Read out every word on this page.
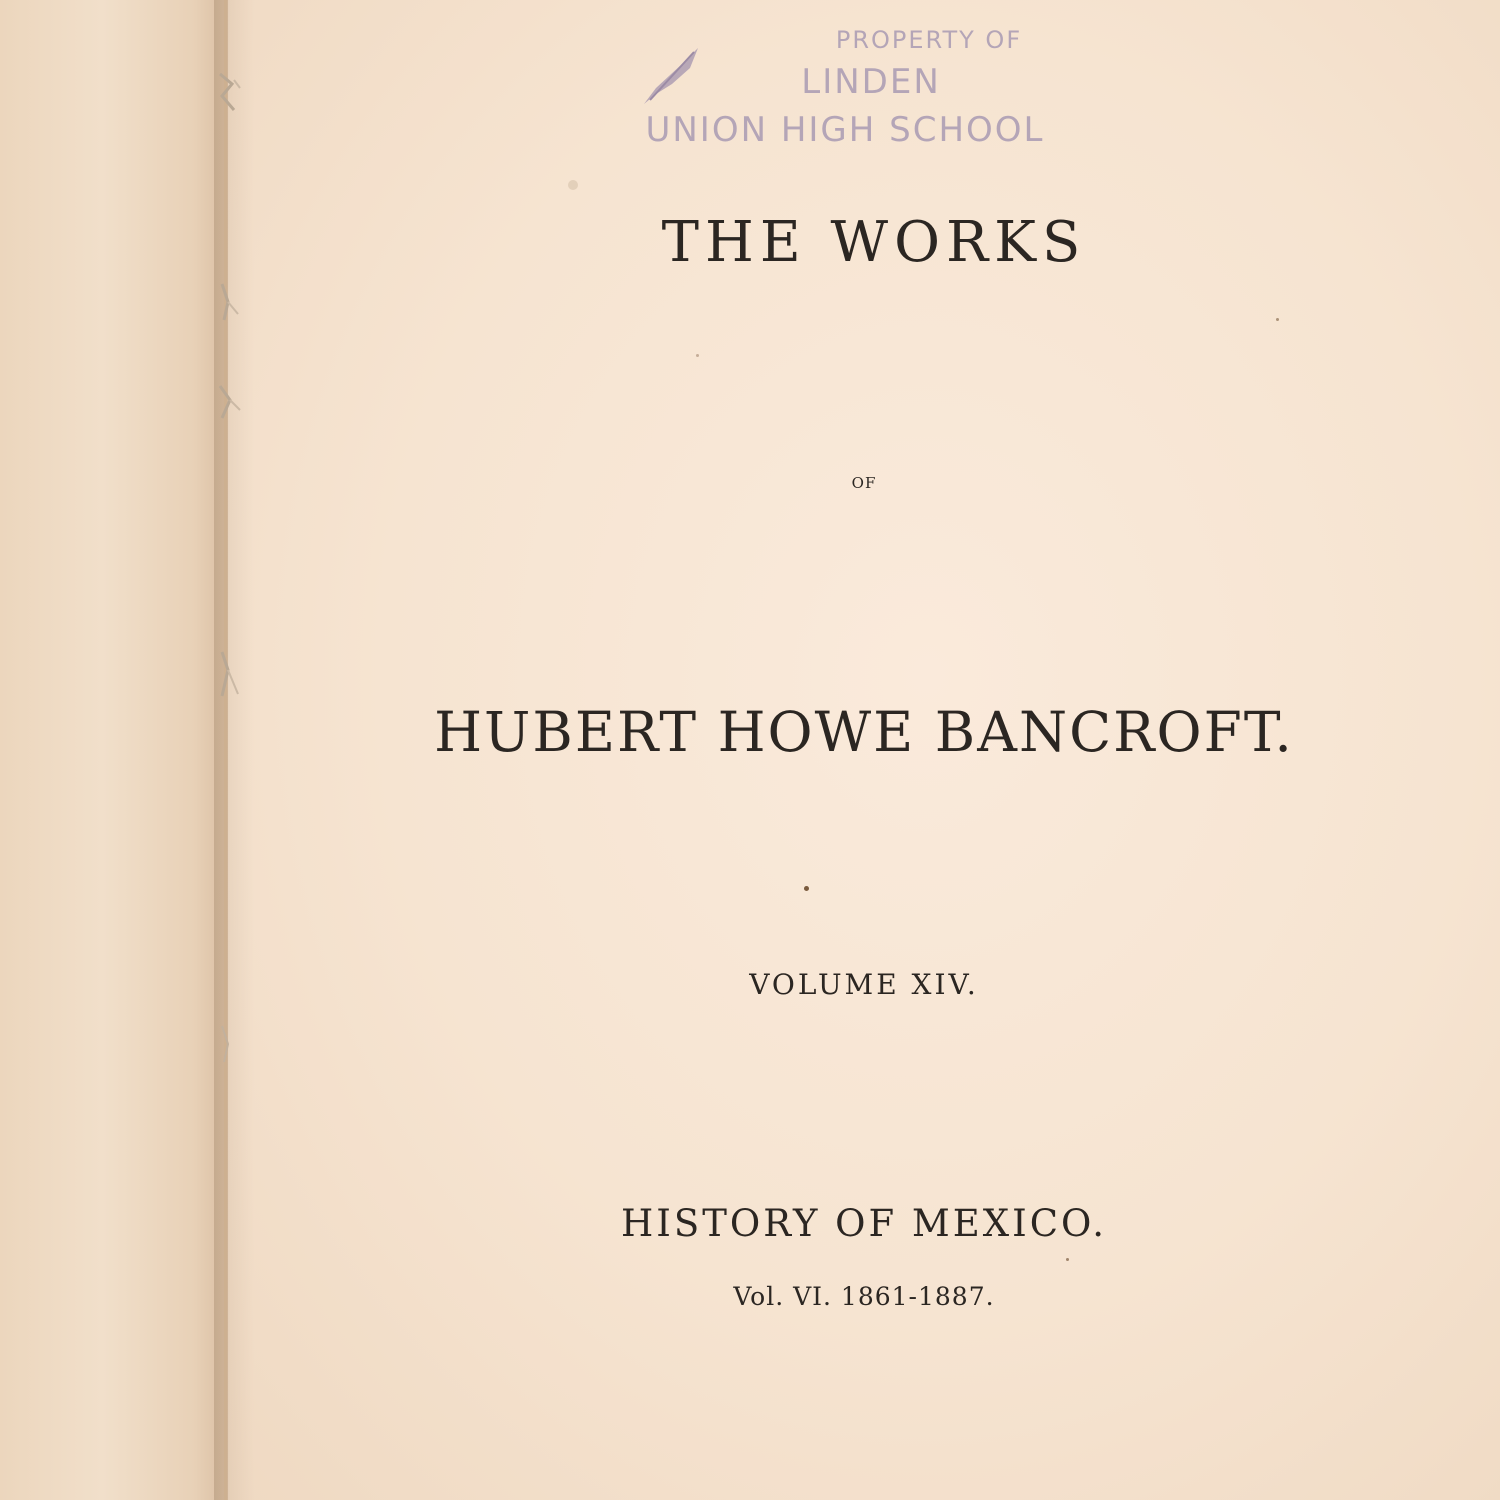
PROPERTY OF
LINDEN
UNION HIGH SCHOOL
THE WORKS
OF
HUBERT HOWE BANCROFT.
VOLUME XIV.
HISTORY OF MEXICO.
Vol. VI. 1861-1887.
